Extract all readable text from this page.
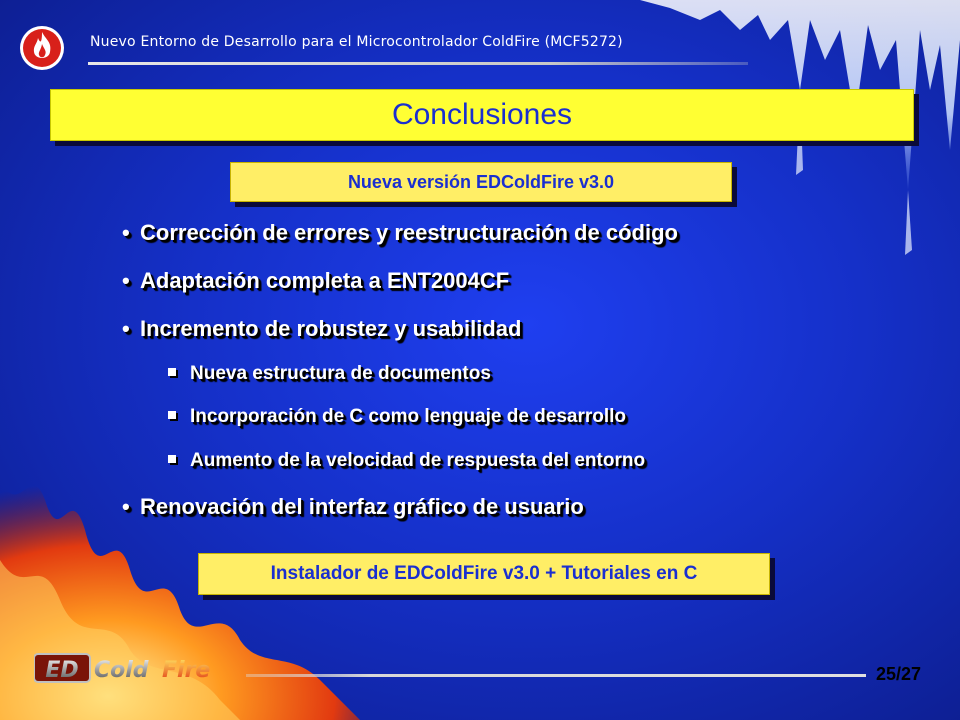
Nuevo Entorno de Desarrollo para el Microcontrolador ColdFire (MCF5272)
Conclusiones
Nueva versión EDColdFire v3.0
• Corrección de errores y reestructuración de código
• Adaptación completa a ENT2004CF
• Incremento de robustez y usabilidad
Nueva estructura de documentos
Incorporación de C como lenguaje de desarrollo
Aumento de la velocidad de respuesta del entorno
• Renovación del interfaz gráfico de usuario
Instalador de EDColdFire v3.0 + Tutoriales en C
ED Cold Fire	25/27
